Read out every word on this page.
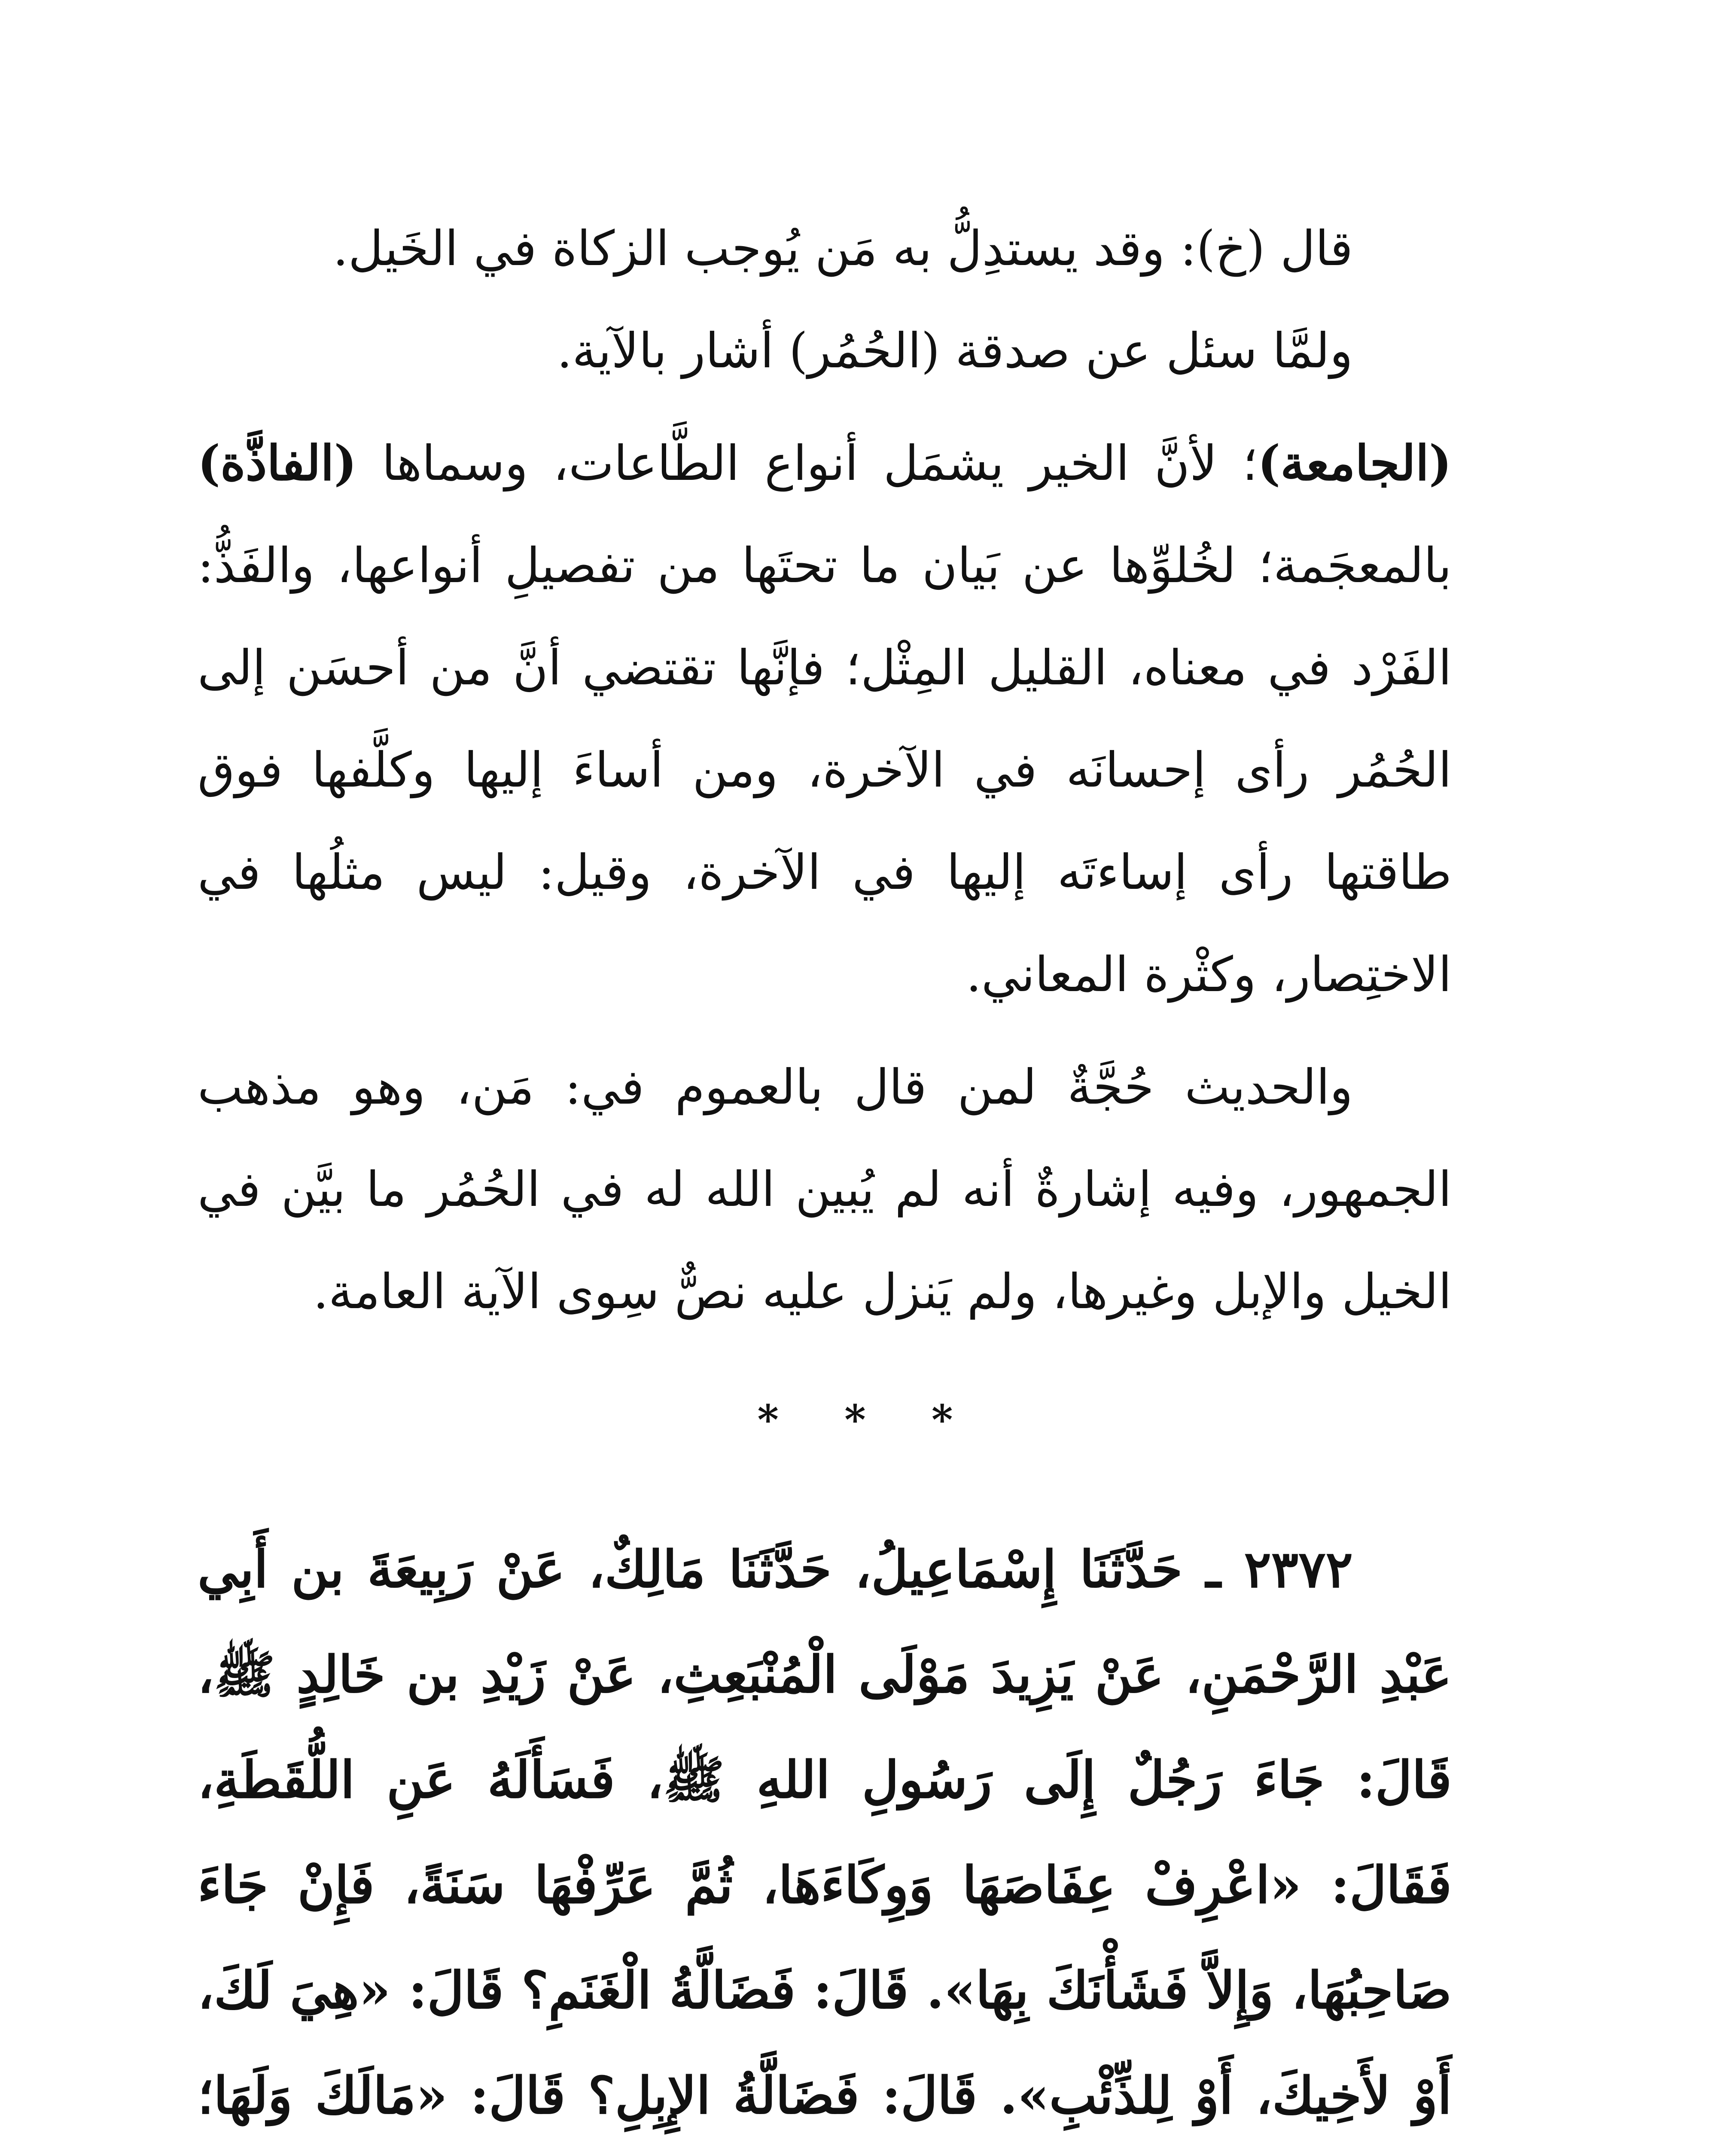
قال (خ): وقد يستدِلُّ به مَن يُوجب الزكاة في الخَيل.

ولمَّا سئل عن صدقة (الحُمُر) أشار بالآية.

(الجامعة)؛ لأنَّ الخير يشمَل أنواع الطَّاعات، وسماها (الفاذَّة) بالمعجَمة؛ لخُلوِّها عن بَيان ما تحتَها من تفصيلِ أنواعها، والفَذُّ: الفَرْد في معناه، القليل المِثْل؛ فإنَّها تقتضي أنَّ من أحسَن إلى الحُمُر رأى إحسانَه في الآخرة، ومن أساءَ إليها وكلَّفها فوق طاقتها رأى إساءتَه إليها في الآخرة، وقيل: ليس مثلُها في الاختِصار، وكثْرة المعاني.

والحديث حُجَّةٌ لمن قال بالعموم في: مَن، وهو مذهب الجمهور، وفيه إشارةٌ أنه لم يُبين الله له في الحُمُر ما بيَّن في الخيل والإبل وغيرها، ولم يَنزل عليه نصٌّ سِوى الآية العامة.

* * *

٢٣٧٢ ـ حَدَّثَنَا إِسْمَاعِيلُ، حَدَّثَنَا مَالِكٌ، عَنْ رَبِيعَةَ بن أَبِي عَبْدِ الرَّحْمَنِ، عَنْ يَزِيدَ مَوْلَى الْمُنْبَعِثِ، عَنْ زَيْدِ بن خَالِدٍ ﷺ، قَالَ: جَاءَ رَجُلٌ إِلَى رَسُولِ اللهِ ﷺ، فَسَأَلَهُ عَنِ اللُّقَطَةِ، فَقَالَ: «اعْرِفْ عِفَاصَهَا وَوِكَاءَهَا، ثُمَّ عَرِّفْهَا سَنَةً، فَإِنْ جَاءَ صَاحِبُهَا، وَإِلاَّ فَشَأْنَكَ بِهَا». قَالَ: فَضَالَّةُ الْغَنَمِ؟ قَالَ: «هِيَ لَكَ، أَوْ لأَخِيكَ، أَوْ لِلذِّئْبِ». قَالَ: فَضَالَّةُ الإِبِلِ؟ قَالَ: «مَالَكَ وَلَهَا؛
